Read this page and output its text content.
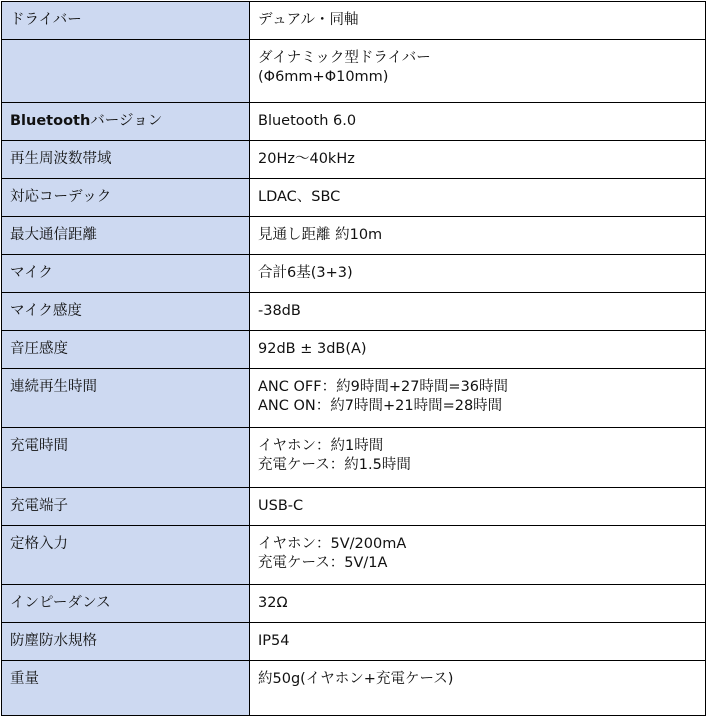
ドライバー	デュアル・同軸

	ダイナミック型ドライバー
(Φ6mm+Φ10mm)

Bluetoothバージョン	Bluetooth 6.0

再生周波数帯域	20Hz〜40kHz

対応コーデック	LDAC、SBC

最大通信距離	見通し距離 約10m

マイク	合計6基(3+3)

マイク感度	-38dB

音圧感度	92dB ± 3dB(A)

連続再生時間	ANC OFF：約9時間+27時間=36時間
ANC ON：約7時間+21時間=28時間

充電時間	イヤホン：約1時間
充電ケース：約1.5時間

充電端子	USB-C

定格入力	イヤホン：5V/200mA
充電ケース：5V/1A

インピーダンス	32Ω

防塵防水規格	IP54

重量	約50g(イヤホン+充電ケース)
